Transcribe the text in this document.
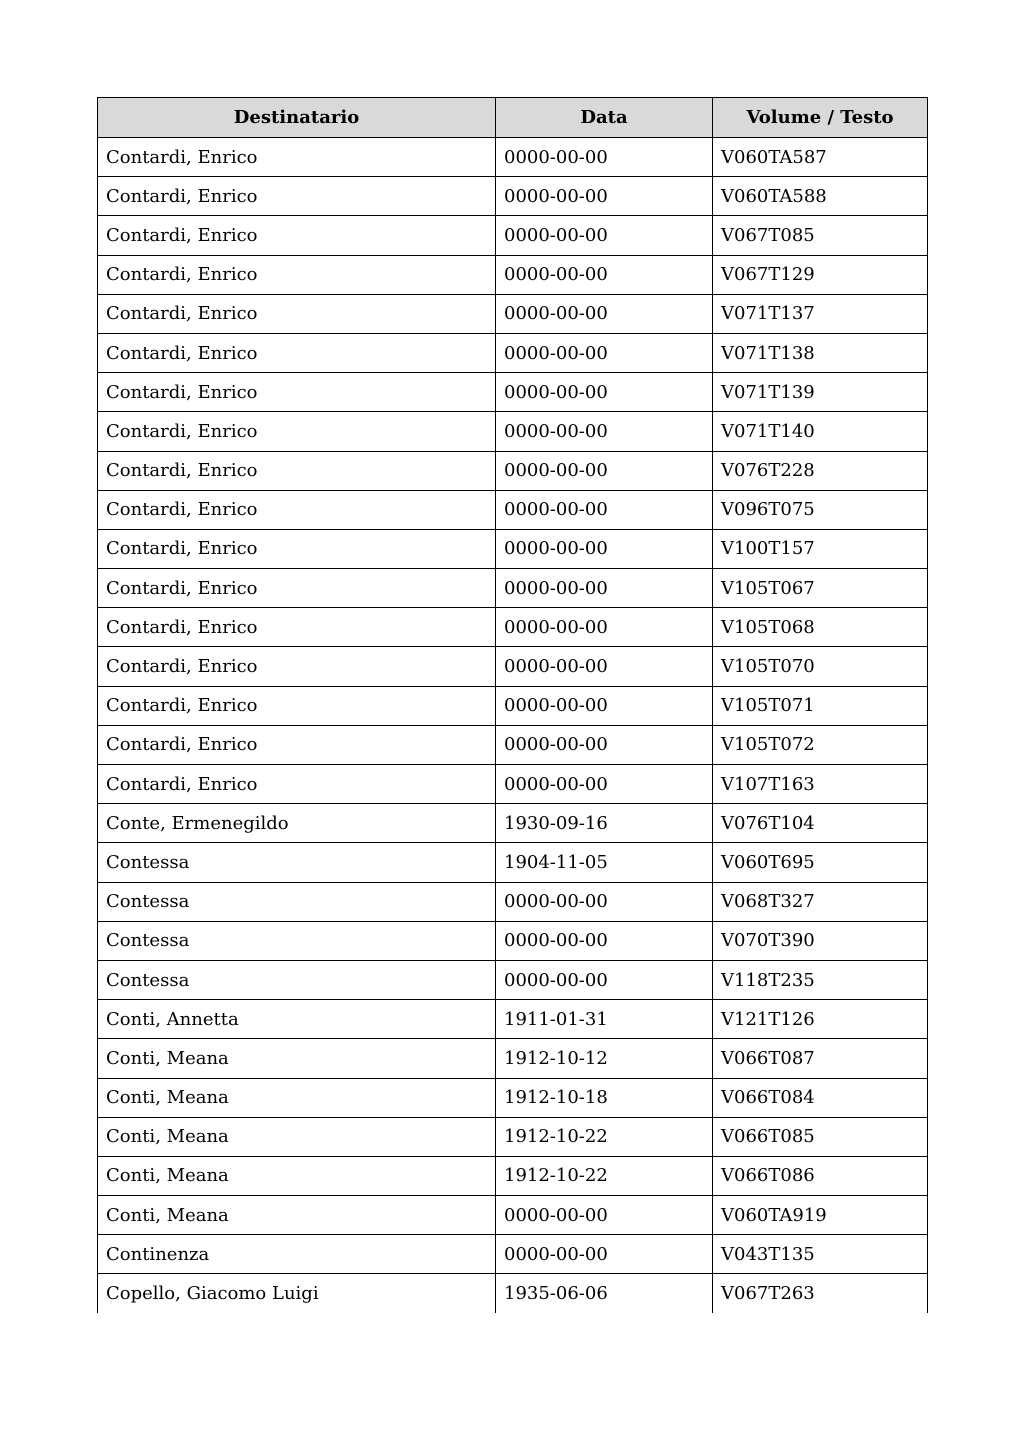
Destinatario	Data	Volume / Testo
Contardi, Enrico	0000-00-00	V060TA587
Contardi, Enrico	0000-00-00	V060TA588
Contardi, Enrico	0000-00-00	V067T085
Contardi, Enrico	0000-00-00	V067T129
Contardi, Enrico	0000-00-00	V071T137
Contardi, Enrico	0000-00-00	V071T138
Contardi, Enrico	0000-00-00	V071T139
Contardi, Enrico	0000-00-00	V071T140
Contardi, Enrico	0000-00-00	V076T228
Contardi, Enrico	0000-00-00	V096T075
Contardi, Enrico	0000-00-00	V100T157
Contardi, Enrico	0000-00-00	V105T067
Contardi, Enrico	0000-00-00	V105T068
Contardi, Enrico	0000-00-00	V105T070
Contardi, Enrico	0000-00-00	V105T071
Contardi, Enrico	0000-00-00	V105T072
Contardi, Enrico	0000-00-00	V107T163
Conte, Ermenegildo	1930-09-16	V076T104
Contessa	1904-11-05	V060T695
Contessa	0000-00-00	V068T327
Contessa	0000-00-00	V070T390
Contessa	0000-00-00	V118T235
Conti, Annetta	1911-01-31	V121T126
Conti, Meana	1912-10-12	V066T087
Conti, Meana	1912-10-18	V066T084
Conti, Meana	1912-10-22	V066T085
Conti, Meana	1912-10-22	V066T086
Conti, Meana	0000-00-00	V060TA919
Continenza	0000-00-00	V043T135
Copello, Giacomo Luigi	1935-06-06	V067T263
